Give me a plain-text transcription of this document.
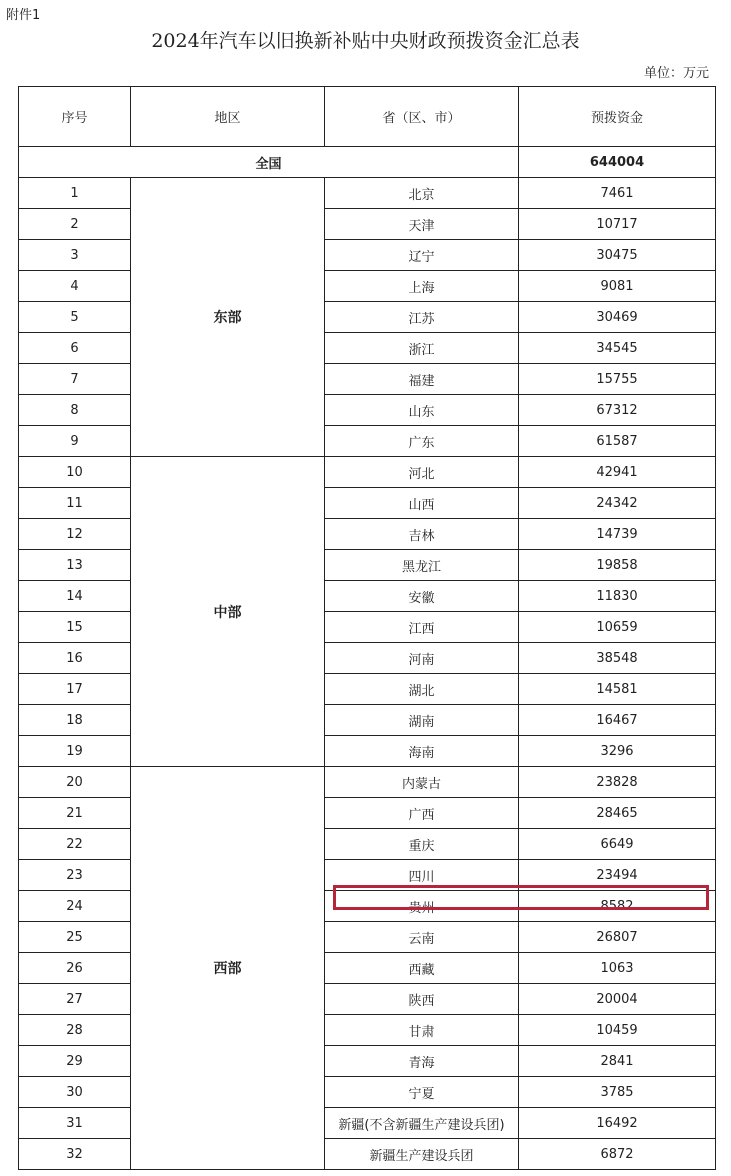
附件1
2024年汽车以旧换新补贴中央财政预拨资金汇总表
单位：万元
序号	地区	省（区、市）	预拨资金
全国			644004
1	东部	北京	7461
2		天津	10717
3		辽宁	30475
4		上海	9081
5		江苏	30469
6		浙江	34545
7		福建	15755
8		山东	67312
9		广东	61587
10	中部	河北	42941
11		山西	24342
12		吉林	14739
13		黑龙江	19858
14		安徽	11830
15		江西	10659
16		河南	38548
17		湖北	14581
18		湖南	16467
19		海南	3296
20	西部	内蒙古	23828
21		广西	28465
22		重庆	6649
23		四川	23494
24		贵州	8582
25		云南	26807
26		西藏	1063
27		陕西	20004
28		甘肃	10459
29		青海	2841
30		宁夏	3785
31		新疆(不含新疆生产建设兵团)	16492
32		新疆生产建设兵团	6872
